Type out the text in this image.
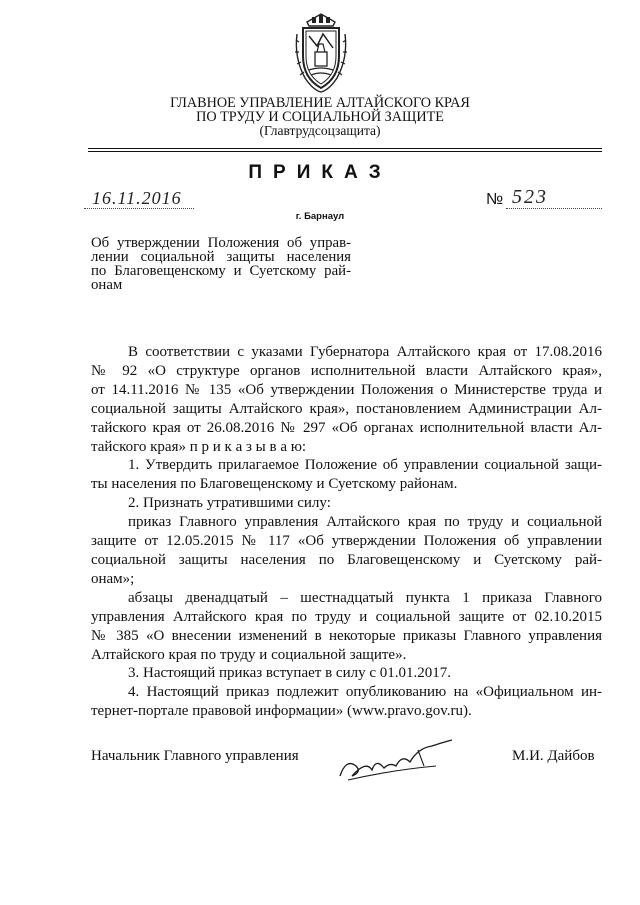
ГЛАВНОЕ УПРАВЛЕНИЕ АЛТАЙСКОГО КРАЯ
ПО ТРУДУ И СОЦИАЛЬНОЙ ЗАЩИТЕ
(Главтрудсоцзащита)
ПРИКАЗ
16.11.2016	№ 523
г. Барнаул
Об утверждении Положения об управ-
лении социальной защиты населения
по Благовещенскому и Суетскому рай-
онам
В соответствии с указами Губернатора Алтайского края от 17.08.2016
№ 92 «О структуре органов исполнительной власти Алтайского края»,
от 14.11.2016 № 135 «Об утверждении Положения о Министерстве труда и
социальной защиты Алтайского края», постановлением Администрации Ал-
тайского края от 26.08.2016 № 297 «Об органах исполнительной власти Ал-
тайского края» п р и к а з ы в а ю:
1. Утвердить прилагаемое Положение об управлении социальной защи-
ты населения по Благовещенскому и Суетскому районам.
2. Признать утратившими силу:
приказ Главного управления Алтайского края по труду и социальной
защите от 12.05.2015 № 117 «Об утверждении Положения об управлении
социальной защиты населения по Благовещенскому и Суетскому рай-
онам»;
абзацы двенадцатый – шестнадцатый пункта 1 приказа Главного
управления Алтайского края по труду и социальной защите от 02.10.2015
№ 385 «О внесении изменений в некоторые приказы Главного управления
Алтайского края по труду и социальной защите».
3. Настоящий приказ вступает в силу с 01.01.2017.
4. Настоящий приказ подлежит опубликованию на «Официальном ин-
тернет-портале правовой информации» (www.pravo.gov.ru).
Начальник Главного управления	М.И. Дайбов
